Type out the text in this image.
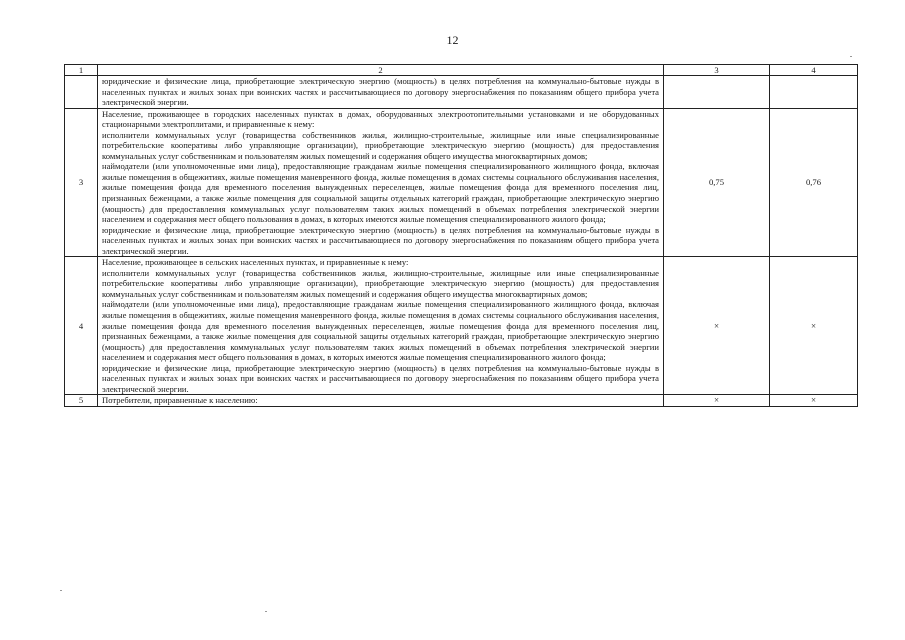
12
1	2	3	4

	юридические и физические лица, приобретающие электрическую энергию (мощность) в целях потребления на коммунально-бытовые нужды в населенных пунктах и жилых зонах при воинских частях и рассчитывающиеся по договору энергоснабжения по показаниям общего прибора учета электрической энергии.		

3	Население, проживающее в городских населенных пунктах в домах, оборудованных электроотопительными установками и не оборудованных стационарными электроплитами, и приравненные к нему:

исполнители коммунальных услуг (товарищества собственников жилья, жилищно-строительные, жилищные или иные специализированные потребительские кооперативы либо управляющие организации), приобретающие электрическую энергию (мощность) для предоставления коммунальных услуг собственникам и пользователям жилых помещений и содержания общего имущества многоквартирных домов;

наймодатели (или уполномоченные ими лица), предоставляющие гражданам жилые помещения специализированного жилищного фонда, включая жилые помещения в общежитиях, жилые помещения маневренного фонда, жилые помещения в домах системы социального обслуживания населения, жилые помещения фонда для временного поселения вынужденных переселенцев, жилые помещения фонда для временного поселения лиц, признанных беженцами, а также жилые помещения для социальной защиты отдельных категорий граждан, приобретающие электрическую энергию (мощность) для предоставления коммунальных услуг пользователям таких жилых помещений в объемах потребления электрической энергии населением и содержания мест общего пользования в домах, в которых имеются жилые помещения специализированного жилого фонда;

юридические и физические лица, приобретающие электрическую энергию (мощность) в целях потребления на коммунально-бытовые нужды в населенных пунктах и жилых зонах при воинских частях и рассчитывающиеся по договору энергоснабжения по показаниям общего прибора учета электрической энергии.	0,75	0,76
4	Население, проживающее в сельских населенных пунктах, и приравненные к нему:

исполнители коммунальных услуг (товарищества собственников жилья, жилищно-строительные, жилищные или иные специализированные потребительские кооперативы либо управляющие организации), приобретающие электрическую энергию (мощность) для предоставления коммунальных услуг собственникам и пользователям жилых помещений и содержания общего имущества многоквартирных домов;

наймодатели (или уполномоченные ими лица), предоставляющие гражданам жилые помещения специализированного жилищного фонда, включая жилые помещения в общежитиях, жилые помещения маневренного фонда, жилые помещения в домах системы социального обслуживания населения, жилые помещения фонда для временного поселения вынужденных переселенцев, жилые помещения фонда для временного поселения лиц, признанных беженцами, а также жилые помещения для социальной защиты отдельных категорий граждан, приобретающие электрическую энергию (мощность) для предоставления коммунальных услуг пользователям таких жилых помещений в объемах потребления электрической энергии населением и содержания мест общего пользования в домах, в которых имеются жилые помещения специализированного жилого фонда;

юридические и физические лица, приобретающие электрическую энергию (мощность) в целях потребления на коммунально-бытовые нужды в населенных пунктах и жилых зонах при воинских частях и рассчитывающиеся по договору энергоснабжения по показаниям общего прибора учета электрической энергии.	×	×
5	Потребители, приравненные к населению:	×	×
